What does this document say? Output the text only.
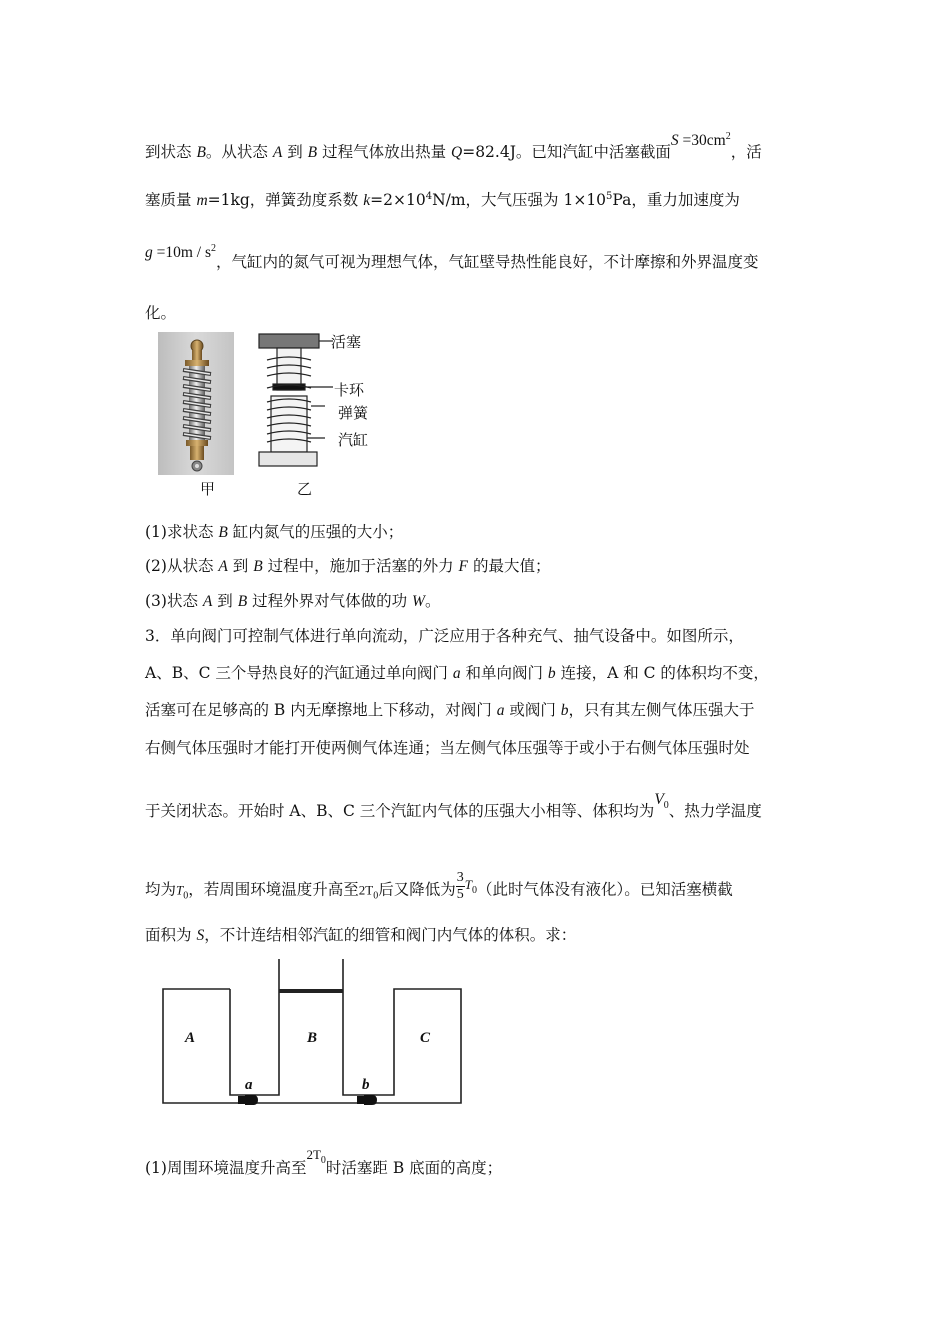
到状态 B。从状态 A 到 B 过程气体放出热量 Q=82.4J。已知汽缸中活塞截面$S =30cm^2$，活
塞质量 m=1kg，弹簧劲度系数 $k=2\times 10^4N/m$，大气压强为 $1\times 10^5Pa$，重力加速度为
$g =10m / s^2$，气缸内的氮气可视为理想气体，气缸壁导热性能良好，不计摩擦和外界温度变
化。
活塞
卡环
弹簧
汽缸
甲	乙
(1)求状态 B 缸内氮气的压强的大小；
(2)从状态 A 到 B 过程中，施加于活塞的外力 F 的最大值；
(3)状态 A 到 B 过程外界对气体做的功 W。
3．单向阀门可控制气体进行单向流动，广泛应用于各种充气、抽气设备中。如图所示，
A、B、C 三个导热良好的汽缸通过单向阀门 a 和单向阀门 b 连接，A 和 C 的体积均不变，
活塞可在足够高的 B 内无摩擦地上下移动，对阀门 a 或阀门 b，只有其左侧气体压强大于
右侧气体压强时才能打开使两侧气体连通；当左侧气体压强等于或小于右侧气体压强时处
于关闭状态。开始时 A、B、C 三个汽缸内气体的压强大小相等、体积均为$V_0$、热力学温度
均为$T_0$，若周围环境温度升高至$2T_0$后又降低为 $\frac{3}{5} T_0$（此时气体没有液化）。已知活塞横截
面积为 S，不计连结相邻汽缸的细管和阀门内气体的体积。求：
A	B	C
a	b
(1)周围环境温度升高至$2T_0$时活塞距 B 底面的高度；
